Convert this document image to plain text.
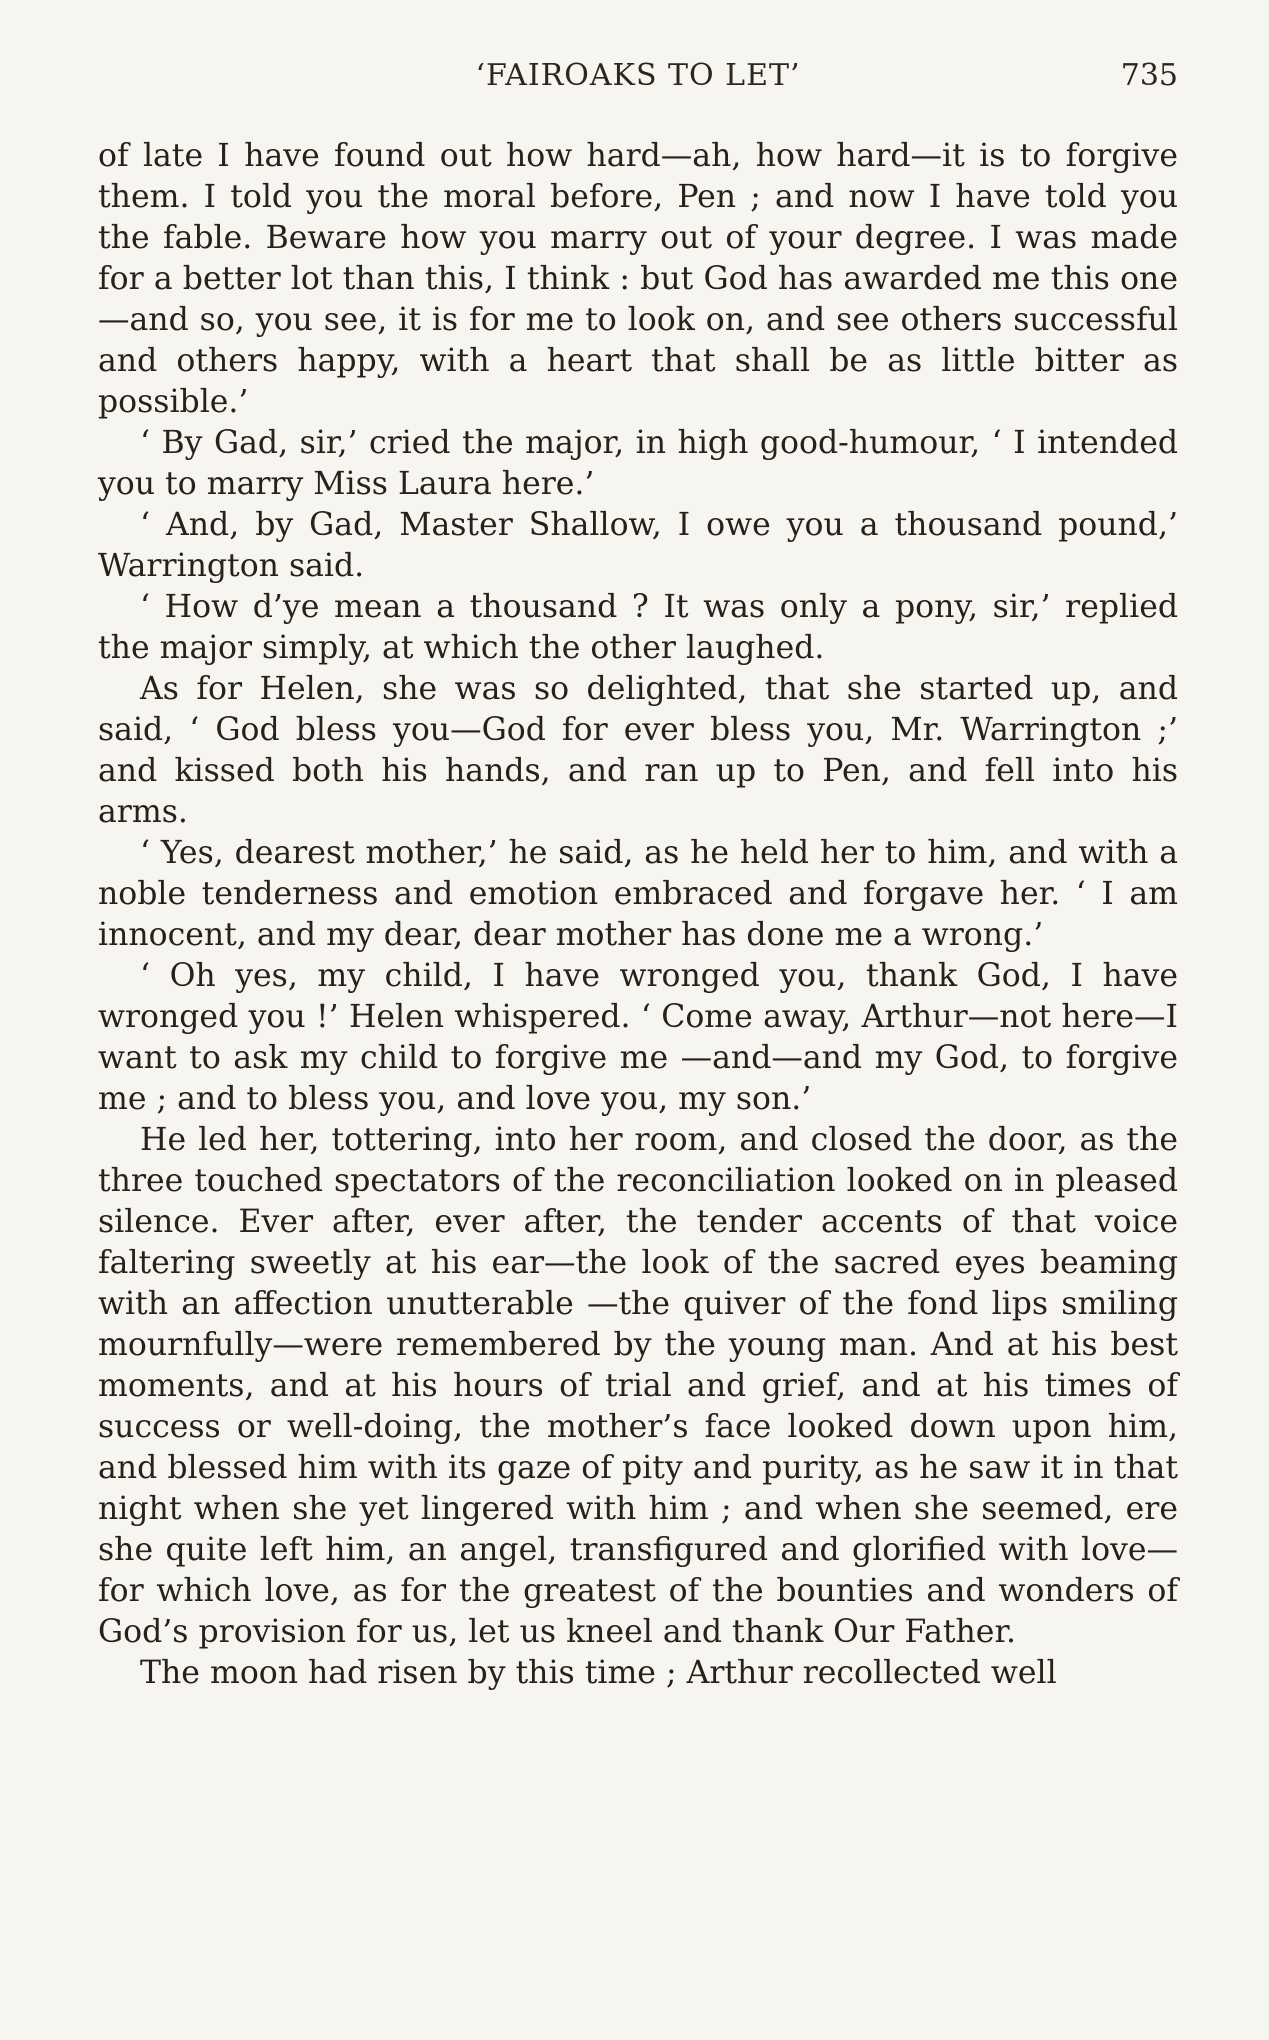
‘FAIROAKS TO LET’	735

of late I have found out how hard—ah, how hard—it is to forgive them. I told you the moral before, Pen ; and now I have told you the fable. Beware how you marry out of your degree. I was made for a better lot than this, I think : but God has awarded me this one—and so, you see, it is for me to look on, and see others successful and others happy, with a heart that shall be as little bitter as possible.’

‘ By Gad, sir,’ cried the major, in high good-humour, ‘ I intended you to marry Miss Laura here.’

‘ And, by Gad, Master Shallow, I owe you a thousand pound,’ Warrington said.

‘ How d’ye mean a thousand ? It was only a pony, sir,’ replied the major simply, at which the other laughed.

As for Helen, she was so delighted, that she started up, and said, ‘ God bless you—God for ever bless you, Mr. Warrington ;’ and kissed both his hands, and ran up to Pen, and fell into his arms.

‘ Yes, dearest mother,’ he said, as he held her to him, and with a noble tenderness and emotion embraced and forgave her. ‘ I am innocent, and my dear, dear mother has done me a wrong.’

‘ Oh yes, my child, I have wronged you, thank God, I have wronged you !’ Helen whispered. ‘ Come away, Arthur—not here—I want to ask my child to forgive me —and—and my God, to forgive me ; and to bless you, and love you, my son.’

He led her, tottering, into her room, and closed the door, as the three touched spectators of the reconciliation looked on in pleased silence. Ever after, ever after, the tender accents of that voice faltering sweetly at his ear—the look of the sacred eyes beaming with an affection unutterable —the quiver of the fond lips smiling mournfully—were remembered by the young man. And at his best moments, and at his hours of trial and grief, and at his times of success or well-doing, the mother’s face looked down upon him, and blessed him with its gaze of pity and purity, as he saw it in that night when she yet lingered with him ; and when she seemed, ere she quite left him, an angel, transfigured and glorified with love—for which love, as for the greatest of the bounties and wonders of God’s provision for us, let us kneel and thank Our Father.

The moon had risen by this time ; Arthur recollected well
